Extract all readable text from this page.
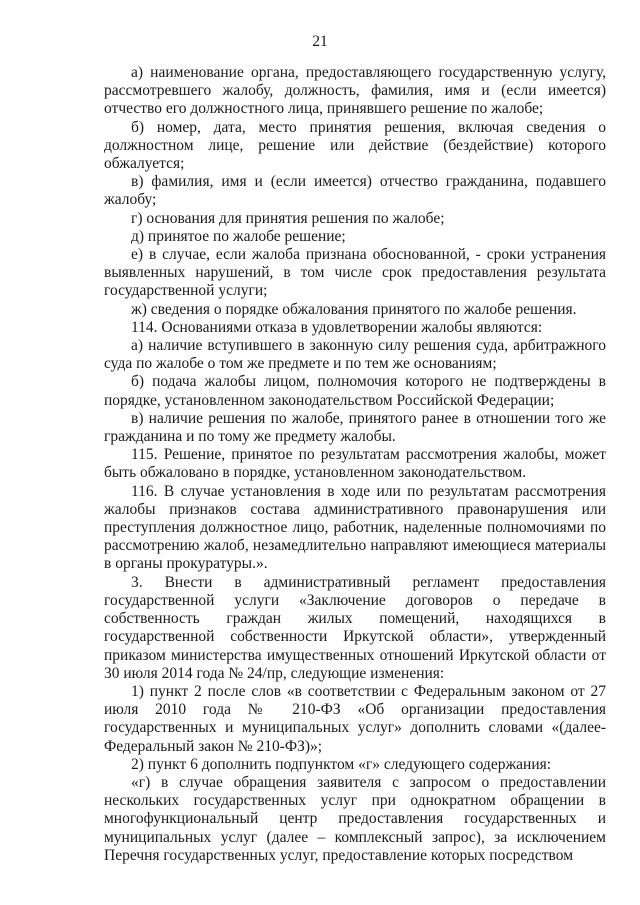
21

а) наименование органа, предоставляющего государственную услугу, рассмотревшего жалобу, должность, фамилия, имя и (если имеется) отчество его должностного лица, принявшего решение по жалобе;

б) номер, дата, место принятия решения, включая сведения о должностном лице, решение или действие (бездействие) которого обжалуется;

в) фамилия, имя и (если имеется) отчество гражданина, подавшего жалобу;

г) основания для принятия решения по жалобе;

д) принятое по жалобе решение;

е) в случае, если жалоба признана обоснованной, - сроки устранения выявленных нарушений, в том числе срок предоставления результата государственной услуги;

ж) сведения о порядке обжалования принятого по жалобе решения.

114. Основаниями отказа в удовлетворении жалобы являются:

а) наличие вступившего в законную силу решения суда, арбитражного суда по жалобе о том же предмете и по тем же основаниям;

б) подача жалобы лицом, полномочия которого не подтверждены в порядке, установленном законодательством Российской Федерации;

в) наличие решения по жалобе, принятого ранее в отношении того же гражданина и по тому же предмету жалобы.

115. Решение, принятое по результатам рассмотрения жалобы, может быть обжаловано в порядке, установленном законодательством.

116. В случае установления в ходе или по результатам рассмотрения жалобы признаков состава административного правонарушения или преступления должностное лицо, работник, наделенные полномочиями по рассмотрению жалоб, незамедлительно направляют имеющиеся материалы в органы прокуратуры.».

3. Внести в административный регламент предоставления государственной услуги «Заключение договоров о передаче в собственность граждан жилых помещений, находящихся в государственной собственности Иркутской области», утвержденный приказом министерства имущественных отношений Иркутской области от 30 июля 2014 года № 24/пр, следующие изменения:

1) пункт 2 после слов «в соответствии с Федеральным законом от 27 июля 2010 года № 210-ФЗ «Об организации предоставления государственных и муниципальных услуг» дополнить словами «(далее- Федеральный закон № 210-ФЗ)»;

2) пункт 6 дополнить подпунктом «г» следующего содержания:

«г) в случае обращения заявителя с запросом о предоставлении нескольких государственных услуг при однократном обращении в многофункциональный центр предоставления государственных и муниципальных услуг (далее – комплексный запрос), за исключением Перечня государственных услуг, предоставление которых посредством
